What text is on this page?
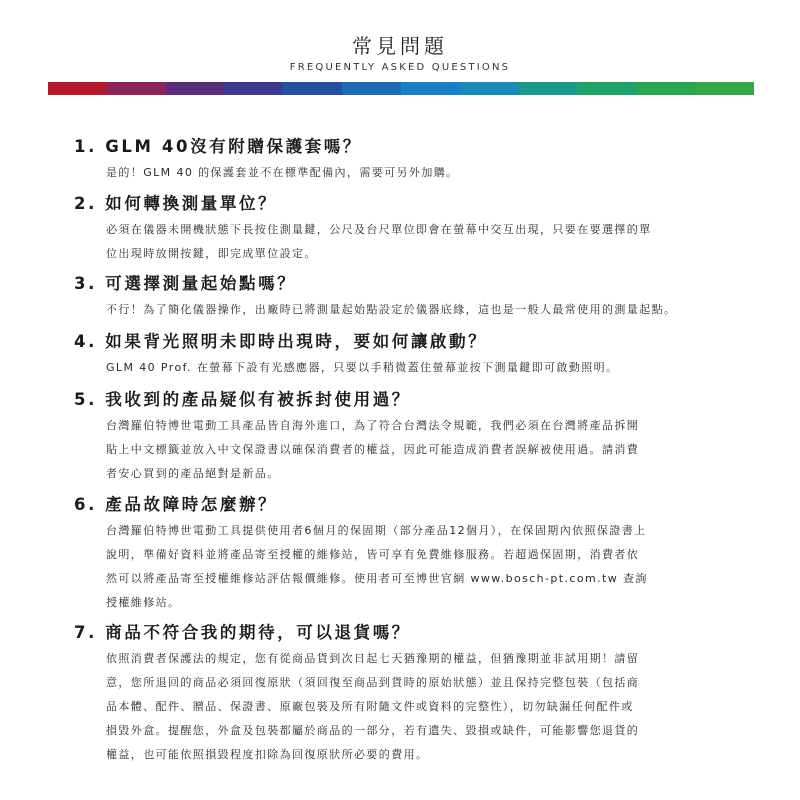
常見問題
FREQUENTLY ASKED QUESTIONS
1. GLM 40沒有附贈保護套嗎？
是的！GLM 40 的保護套並不在標準配備內，需要可另外加購。
2. 如何轉換測量單位？
必須在儀器未開機狀態下長按住測量鍵，公尺及台尺單位即會在螢幕中交互出現，只要在要選擇的單
位出現時放開按鍵，即完成單位設定。
3. 可選擇測量起始點嗎？
不行！為了簡化儀器操作，出廠時已將測量起始點設定於儀器底緣，這也是一般人最常使用的測量起點。
4. 如果背光照明未即時出現時，要如何讓啟動？
GLM 40 Prof. 在螢幕下設有光感應器，只要以手稍微蓋住螢幕並按下測量鍵即可啟動照明。
5. 我收到的產品疑似有被拆封使用過？
台灣羅伯特博世電動工具產品皆自海外進口，為了符合台灣法令規範，我們必須在台灣將產品拆開
貼上中文標籤並放入中文保證書以確保消費者的權益，因此可能造成消費者誤解被使用過。請消費
者安心買到的產品絕對是新品。
6. 產品故障時怎麼辦？
台灣羅伯特博世電動工具提供使用者6個月的保固期（部分產品12個月），在保固期內依照保證書上
說明，準備好資料並將產品寄至授權的維修站，皆可享有免費維修服務。若超過保固期，消費者依
然可以將產品寄至授權維修站評估報價維修。使用者可至博世官網 www.bosch-pt.com.tw 查詢
授權維修站。
7. 商品不符合我的期待，可以退貨嗎？
依照消費者保護法的規定，您有從商品貨到次日起七天猶豫期的權益，但猶豫期並非試用期！請留
意，您所退回的商品必須回復原狀（須回復至商品到貨時的原始狀態）並且保持完整包裝（包括商
品本體、配件、贈品、保證書、原廠包裝及所有附隨文件或資料的完整性），切勿缺漏任何配件或
損毀外盒。提醒您，外盒及包裝都屬於商品的一部分，若有遺失、毀損或缺件，可能影響您退貨的
權益，也可能依照損毀程度扣除為回復原狀所必要的費用。
